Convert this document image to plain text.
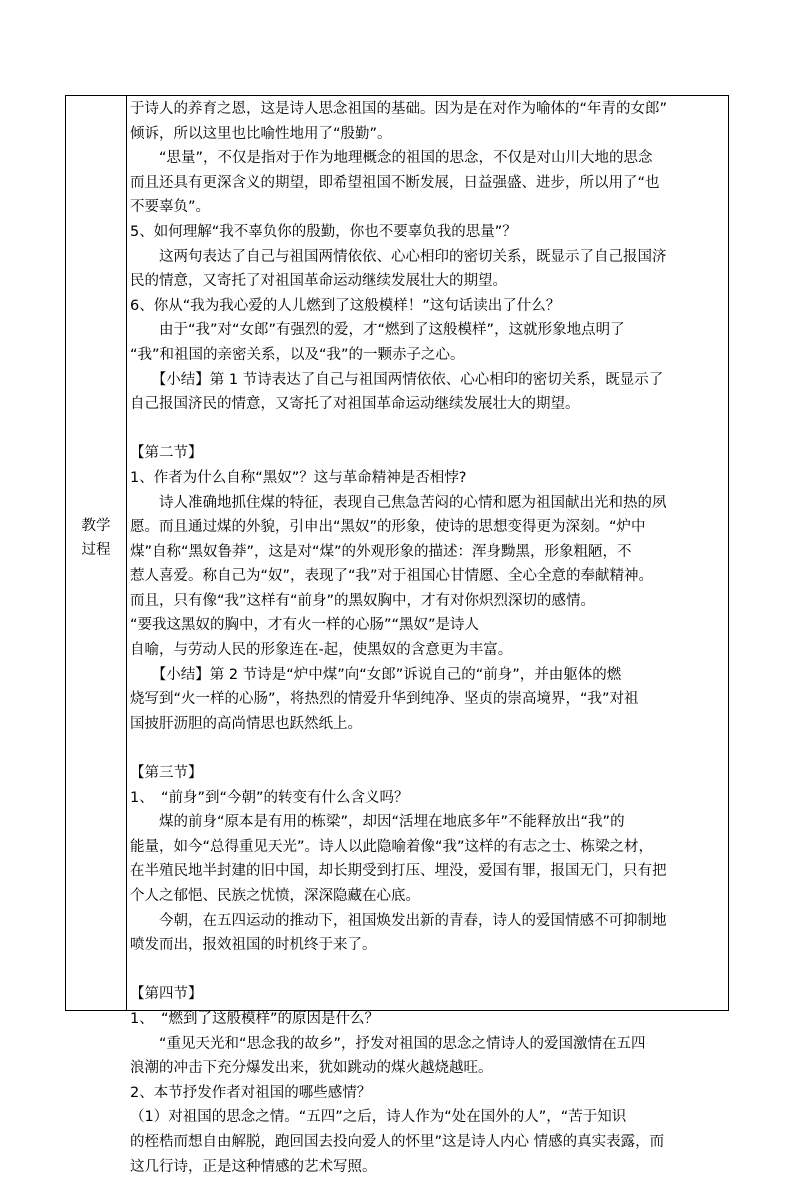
教学
过程
于诗人的养育之恩，这是诗人思念祖国的基础。因为是在对作为喻体的“年青的女郎”
倾诉，所以这里也比喻性地用了“殷勤”。
　　“思量”，不仅是指对于作为地理概念的祖国的思念，不仅是对山川大地的思念
而且还具有更深含义的期望，即希望祖国不断发展，日益强盛、进步，所以用了“也
不要辜负”。
5、如何理解“我不辜负你的殷勤，你也不要辜负我的思量”？
　　这两句表达了自己与祖国两情依依、心心相印的密切关系，既显示了自己报国济
民的情意，又寄托了对祖国革命运动继续发展壮大的期望。
6、你从“我为我心爱的人儿燃到了这般模样！”这句话读出了什么？
　　由于“我”对“女郎”有强烈的爱，才“燃到了这般模样”，这就形象地点明了
“我”和祖国的亲密关系，以及“我”的一颗赤子之心。
　　【小结】第 1 节诗表达了自己与祖国两情依依、心心相印的密切关系，既显示了
自己报国济民的情意，又寄托了对祖国革命运动继续发展壮大的期望。
【第二节】
1、作者为什么自称“黑奴”？这与革命精神是否相悖?
　　诗人准确地抓住煤的特征，表现自己焦急苦闷的心情和愿为祖国献出光和热的夙
愿。而且通过煤的外貌，引申出“黑奴”的形象，使诗的思想变得更为深刻。“炉中
煤”自称“黑奴鲁莽”，这是对“煤”的外观形象的描述：浑身黝黑，形象粗陋，不
惹人喜爱。称自己为“奴”，表现了“我”对于祖国心甘情愿、全心全意的奉献精神。
而且，只有像“我”这样有“前身”的黑奴胸中，才有对你炽烈深切的感情。
“要我这黑奴的胸中，才有火一样的心肠”“黑奴”是诗人
自喻，与劳动人民的形象连在-起，使黑奴的含意更为丰富。
　　【小结】第 2 节诗是“炉中煤”向“女郎”诉说自己的“前身”，并由躯体的燃
烧写到“火一样的心肠”，将热烈的情爱升华到纯净、坚贞的崇高境界，“我”对祖
国披肝沥胆的高尚情思也跃然纸上。
【第三节】
1、　“前身”到“今朝”的转变有什么含义吗？
　　煤的前身“原本是有用的栋梁”，却因“活埋在地底多年”不能释放出“我”的
能量，如今“总得重见天光”。诗人以此隐喻着像“我”这样的有志之士、栋梁之材，
在半殖民地半封建的旧中国，却长期受到打压、埋没，爱国有罪，报国无门，只有把
个人之郁悒、民族之忧愤，深深隐藏在心底。
　　今朝，在五四运动的推动下，祖国焕发出新的青春，诗人的爱国情感不可抑制地
喷发而出，报效祖国的时机终于来了。
【第四节】
1、　“燃到了这般模样”的原因是什么？
　　“重见天光和“思念我的故乡”，抒发对祖国的思念之情诗人的爱国激情在五四
浪潮的冲击下充分爆发出来，犹如跳动的煤火越烧越旺。
2、本节抒发作者对祖国的哪些感情？
（1）对祖国的思念之情。“五四”之后，诗人作为“处在国外的人”，“苦于知识
的桎梏而想自由解脱，跑回国去投向爱人的怀里”这是诗人内心 情感的真实表露，而
这几行诗，正是这种情感的艺术写照。
